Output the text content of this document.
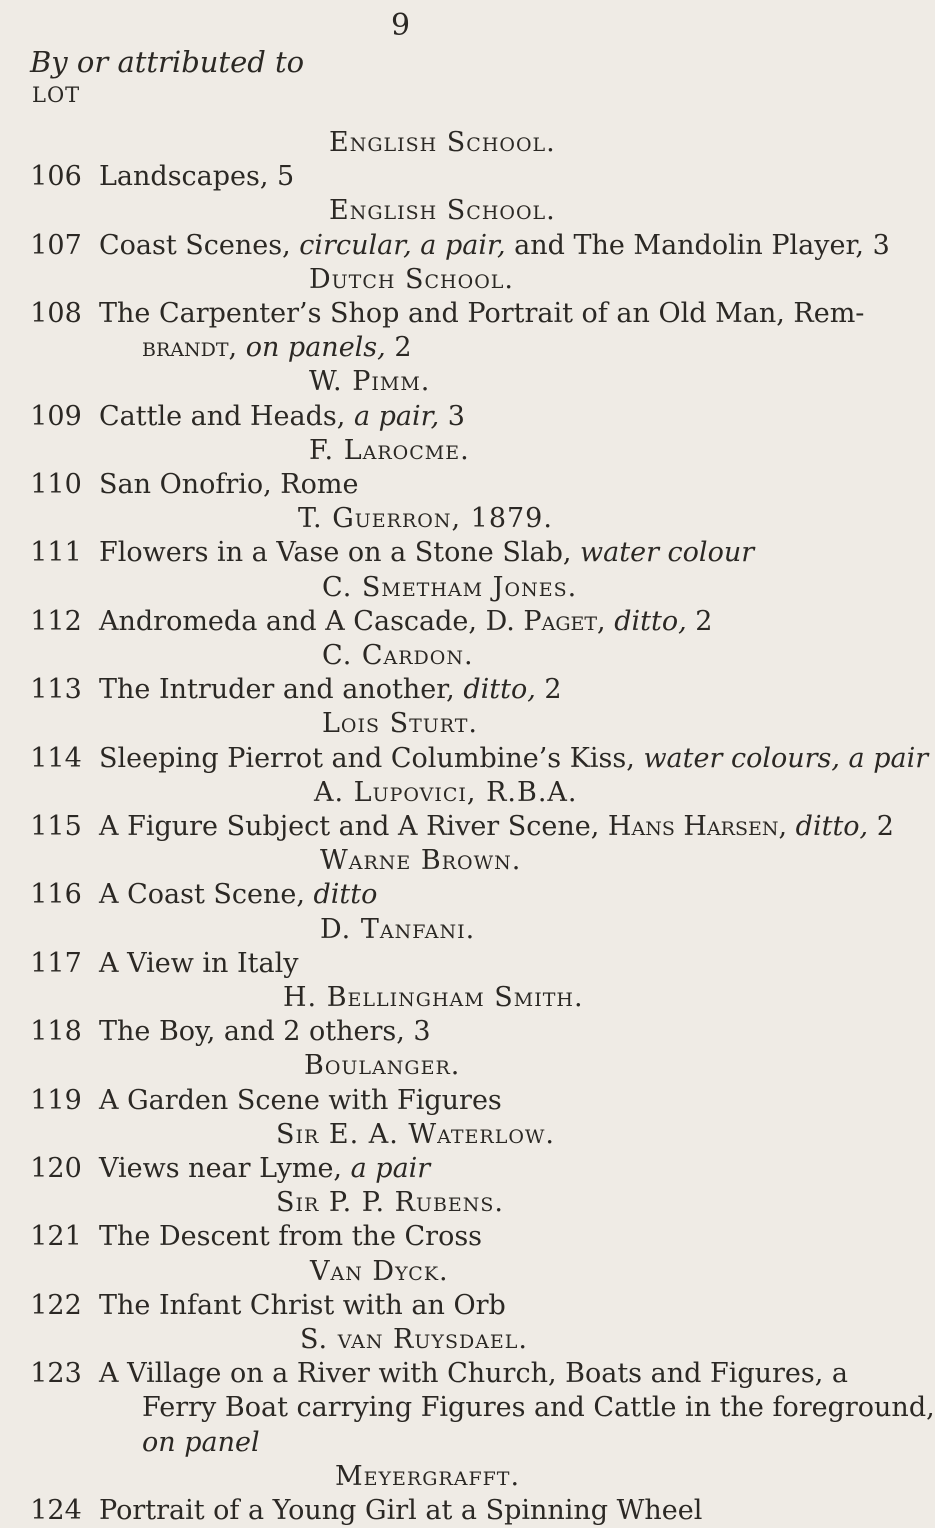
9
By or attributed to
LOT
English School.
106 Landscapes, 5
English School.
107 Coast Scenes, circular, a pair, and The Mandolin Player, 3
Dutch School.
108 The Carpenter’s Shop and Portrait of an Old Man, Rem-
brandt, on panels, 2
W. Pimm.
109 Cattle and Heads, a pair, 3
F. Larocme.
110 San Onofrio, Rome
T. Guerron, 1879.
111 Flowers in a Vase on a Stone Slab, water colour
C. Smetham Jones.
112 Andromeda and A Cascade, D. Paget, ditto, 2
C. Cardon.
113 The Intruder and another, ditto, 2
Lois Sturt.
114 Sleeping Pierrot and Columbine’s Kiss, water colours, a pair
A. Lupovici, R.B.A.
115 A Figure Subject and A River Scene, Hans Harsen, ditto, 2
Warne Brown.
116 A Coast Scene, ditto
D. Tanfani.
117 A View in Italy
H. Bellingham Smith.
118 The Boy, and 2 others, 3
Boulanger.
119 A Garden Scene with Figures
Sir E. A. Waterlow.
120 Views near Lyme, a pair
Sir P. P. Rubens.
121 The Descent from the Cross
Van Dyck.
122 The Infant Christ with an Orb
S. van Ruysdael.
123 A Village on a River with Church, Boats and Figures, a
Ferry Boat carrying Figures and Cattle in the foreground,
on panel
Meyergrafft.
124 Portrait of a Young Girl at a Spinning Wheel
